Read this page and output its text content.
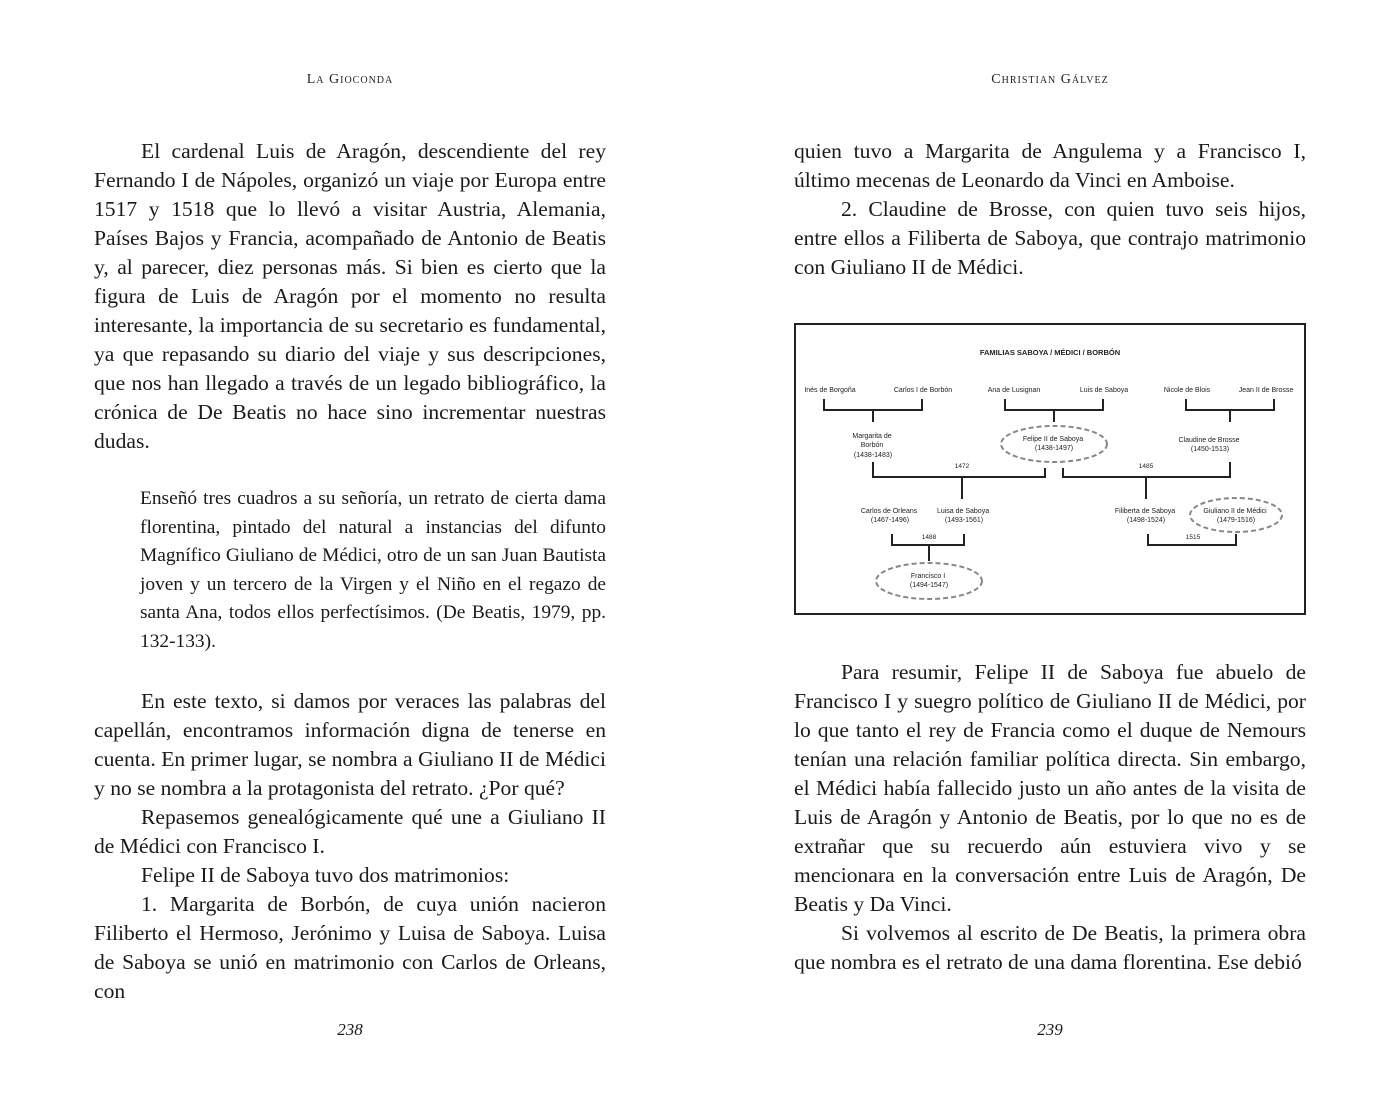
La Gioconda

El cardenal Luis de Aragón, descendiente del rey Fernando I de Nápoles, organizó un viaje por Europa entre 1517 y 1518 que lo llevó a visitar Austria, Alemania, Países Bajos y Francia, acompañado de Antonio de Beatis y, al parecer, diez personas más. Si bien es cierto que la figura de Luis de Aragón por el momento no resulta interesante, la importancia de su secretario es fundamental, ya que repasando su diario del viaje y sus descripciones, que nos han llegado a través de un legado bibliográfico, la crónica de De Beatis no hace sino incrementar nuestras dudas.

Enseñó tres cuadros a su señoría, un retrato de cierta dama florentina, pintado del natural a instancias del difunto Magnífico Giuliano de Médici, otro de un san Juan Bautista joven y un tercero de la Virgen y el Niño en el regazo de santa Ana, todos ellos perfectísimos. (De Beatis, 1979, pp. 132-133).

En este texto, si damos por veraces las palabras del capellán, encontramos información digna de tenerse en cuenta. En primer lugar, se nombra a Giuliano II de Médici y no se nombra a la protagonista del retrato. ¿Por qué?

Repasemos genealógicamente qué une a Giuliano II de Médici con Francisco I.

Felipe II de Saboya tuvo dos matrimonios:

1. Margarita de Borbón, de cuya unión nacieron Filiberto el Hermoso, Jerónimo y Luisa de Saboya. Luisa de Saboya se unió en matrimonio con Carlos de Orleans, con

238
Christian Gálvez

quien tuvo a Margarita de Angulema y a Francisco I, último mecenas de Leonardo da Vinci en Amboise.

2. Claudine de Brosse, con quien tuvo seis hijos, entre ellos a Filiberta de Saboya, que contrajo matrimonio con Giuliano II de Médici.

FAMILIAS SABOYA / MÉDICI / BORBÓN
Inés de Borgoña	Carlos I de Borbón	Ana de Lusignan	Luis de Saboya	Nicole de Blois	Jean II de Brosse
Margarita de Borbón (1438-1483)
Felipe II de Saboya (1438-1497)
Claudine de Brosse (1450-1513)
1472	1485
Carlos de Orleans (1467-1496)
Luisa de Saboya (1493-1561)
Filiberta de Saboya (1498-1524)
Giuliano II de Médici (1479-1516)
1488	1515
Francisco I (1494-1547)

Para resumir, Felipe II de Saboya fue abuelo de Francisco I y suegro político de Giuliano II de Médici, por lo que tanto el rey de Francia como el duque de Nemours tenían una relación familiar política directa. Sin embargo, el Médici había fallecido justo un año antes de la visita de Luis de Aragón y Antonio de Beatis, por lo que no es de extrañar que su recuerdo aún estuviera vivo y se mencionara en la conversación entre Luis de Aragón, De Beatis y Da Vinci.

Si volvemos al escrito de De Beatis, la primera obra que nombra es el retrato de una dama florentina. Ese debió

239
